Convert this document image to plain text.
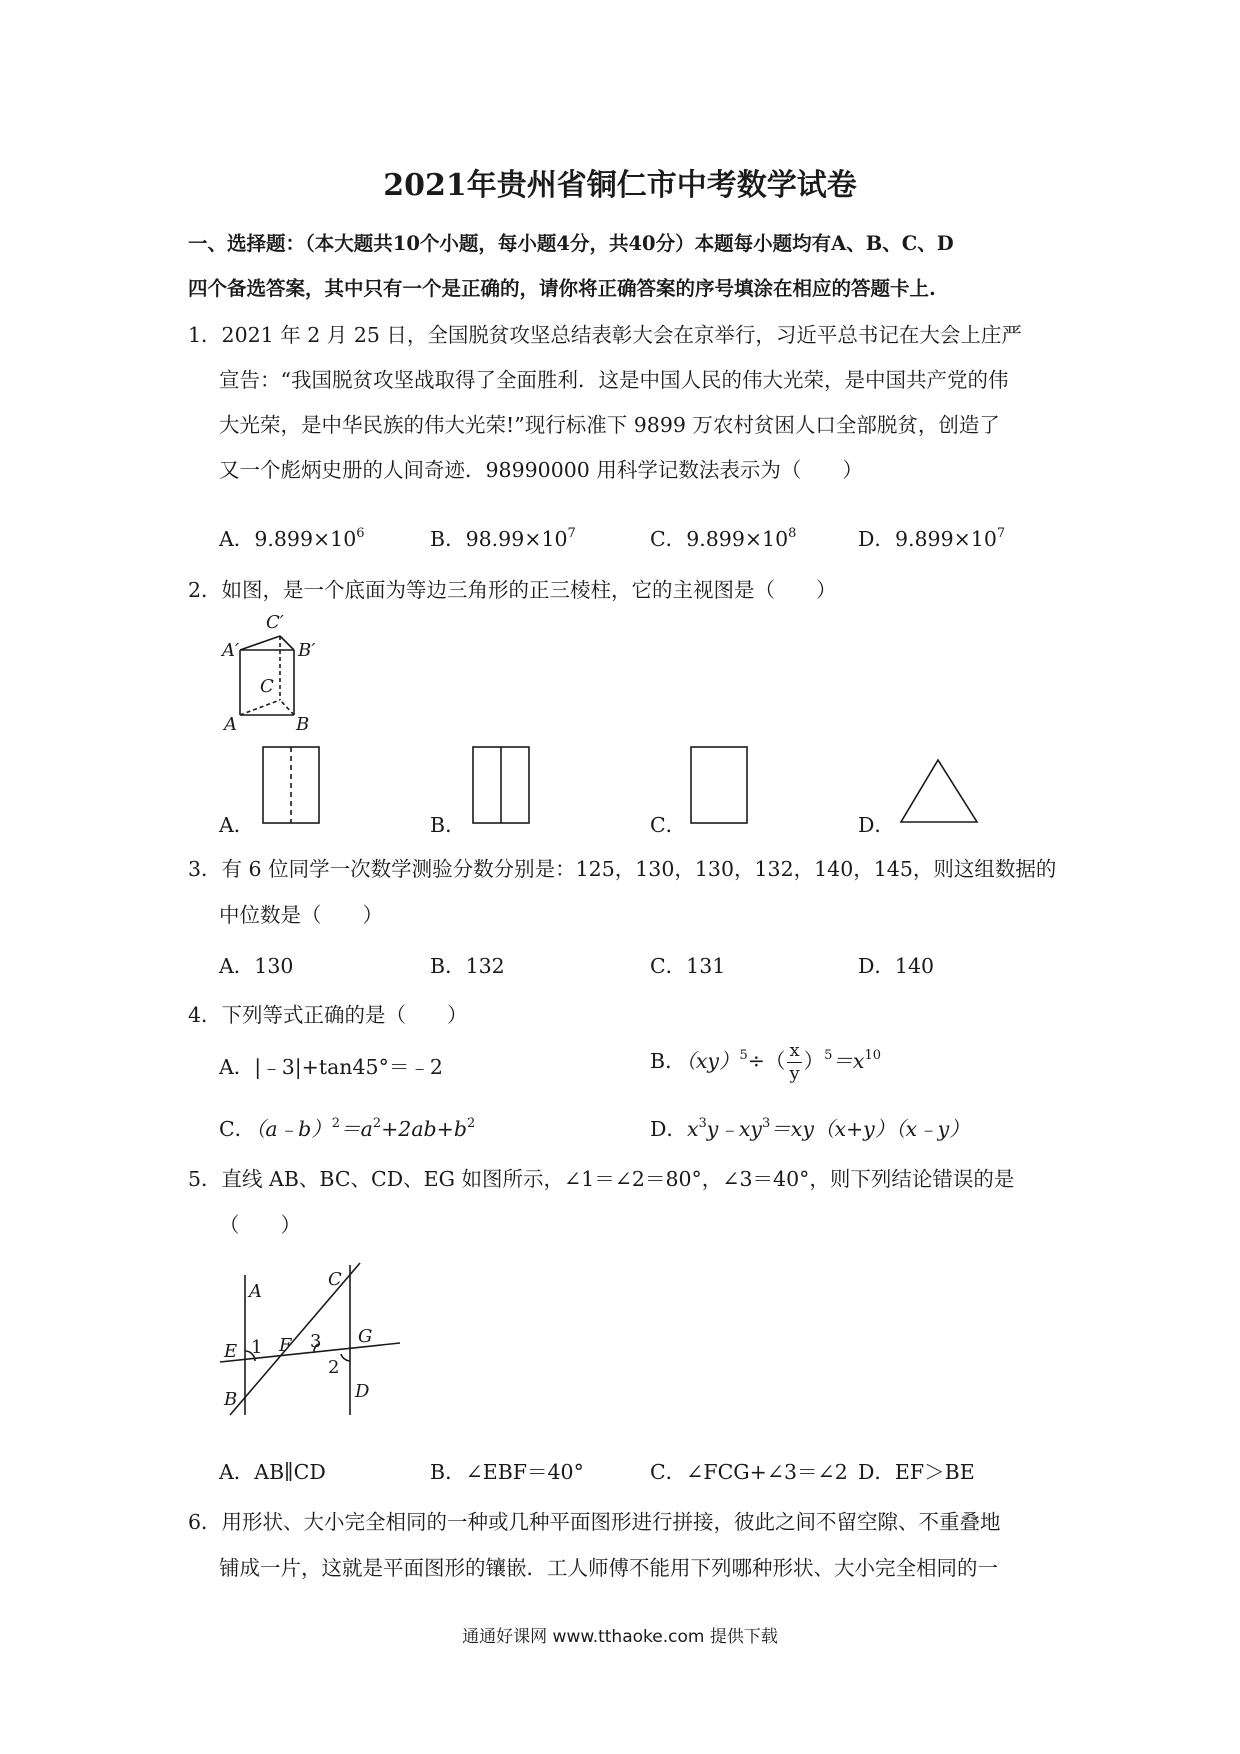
2021年贵州省铜仁市中考数学试卷
一、选择题：（本大题共10个小题，每小题4分，共40分）本题每小题均有A、B、C、D
四个备选答案，其中只有一个是正确的，请你将正确答案的序号填涂在相应的答题卡上.
1．2021 年 2 月 25 日，全国脱贫攻坚总结表彰大会在京举行，习近平总书记在大会上庄严
宣告：“我国脱贫攻坚战取得了全面胜利．这是中国人民的伟大光荣，是中国共产党的伟
大光荣，是中华民族的伟大光荣!”现行标准下 9899 万农村贫困人口全部脱贫，创造了
又一个彪炳史册的人间奇迹．98990000 用科学记数法表示为（　　）
A．$9.899\times 10^6$	B．$98.99\times 10^7$	C．$9.899\times 10^8$	D．$9.899\times 10^7$
2．如图，是一个底面为等边三角形的正三棱柱，它的主视图是（　　）
C′
A′	B′
C
A	B
A．	B．	C．	D．
3．有 6 位同学一次数学测验分数分别是：125，130，130，132，140，145，则这组数据的
中位数是（　　）
A．130	B．132	C．131	D．140
4．下列等式正确的是（　　）
A．|﹣3|+tan45°＝﹣2	B．$(xy)^5\div( \frac{x}{y} )^5=x^{10}$
C．$(a﹣b)^2=a^2+2ab+b^2$	D．$x^3y﹣xy^3=xy(x+y)(x﹣y)$
5．直线 AB、BC、CD、EG 如图所示，∠1＝∠2＝80°，∠3＝40°，则下列结论错误的是
（　　）
A
C
G
E 1 F 3
2
B	D
A．AB∥CD	B．∠EBF＝40°	C．∠FCG+∠3＝∠2 D．EF＞BE
6．用形状、大小完全相同的一种或几种平面图形进行拼接，彼此之间不留空隙、不重叠地
铺成一片，这就是平面图形的镶嵌．工人师傅不能用下列哪种形状、大小完全相同的一
通通好课网 www.tthaoke.com 提供下载
